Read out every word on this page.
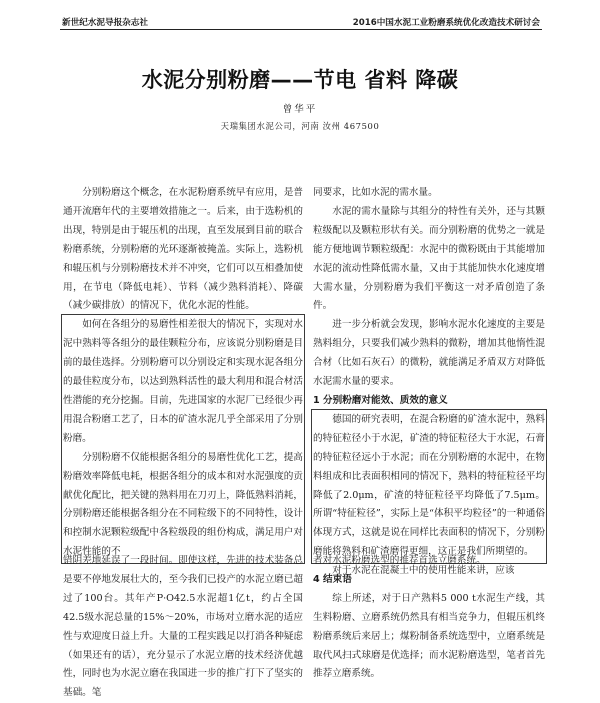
新世纪水泥导报杂志社	2016中国水泥工业粉磨系统优化改造技术研讨会
水泥分别粉磨——节电 省料 降碳
曾华平
天瑞集团水泥公司，河南 汝州 467500

分别粉磨这个概念，在水泥粉磨系统早有应用，是普通开流磨年代的主要增效措施之一。后来，由于选粉机的出现，特别是由于辊压机的出现，直至发展到目前的联合粉磨系统，分别粉磨的光环逐渐被掩盖。实际上，选粉机和辊压机与分别粉磨技术并不冲突，它们可以互相叠加使用，在节电（降低电耗）、节料（减少熟料消耗）、降碳（减少碳排放）的情况下，优化水泥的性能。

如何在各组分的易磨性相差很大的情况下，实现对水泥中熟料等各组分的最佳颗粒分布，应该说分别粉磨是目前的最佳选择。分别粉磨可以分别设定和实现水泥各组分的最佳粒度分布，以达到熟料活性的最大利用和混合材活性潜能的充分挖掘。目前，先进国家的水泥厂已经很少再用混合粉磨工艺了，日本的矿渣水泥几乎全部采用了分别粉磨。

分别粉磨不仅能根据各组分的易磨性优化工艺，提高粉磨效率降低电耗，根据各组分的成本和对水泥强度的贡献优化配比，把关键的熟料用在刀刃上，降低熟料消耗，分别粉磨还能根据各组分在不同粒级下的不同特性，设计和控制水泥颗粒级配中各粒级段的组份构成，满足用户对水泥性能的不

同要求，比如水泥的需水量。

水泥的需水量除与其组分的特性有关外，还与其颗粒级配以及颗粒形状有关。而分别粉磨的优势之一就是能方便地调节颗粒级配：水泥中的微粉既由于其能增加水泥的流动性降低需水量，又由于其能加快水化速度增大需水量，分别粉磨为我们平衡这一对矛盾创造了条件。

进一步分析就会发现，影响水泥水化速度的主要是熟料组分，只要我们减少熟料的微粉，增加其他惰性混合材（比如石灰石）的微粉，就能满足矛盾双方对降低水泥需水量的要求。

1 分别粉磨对能效、质效的意义

德国的研究表明，在混合粉磨的矿渣水泥中，熟料的特征粒径小于水泥，矿渣的特征粒径大于水泥，石膏的特征粒径远小于水泥；而在分别粉磨的水泥中，在物料组成和比表面积相同的情况下，熟料的特征粒径平均降低了2.0μm，矿渣的特征粒径平均降低了7.5μm。所谓“特征粒径”，实际上是“体积平均粒径”的一种通俗体现方式，这就是说在同样比表面积的情况下，分别粉磨能将熟料和矿渣磨得更细，这正是我们所期望的。

对于水泥在混凝土中的使用性能来讲，应该

错阴差地延误了一段时间。即使这样，先进的技术装备总是要不停地发展壮大的，至今我们已投产的水泥立磨已超过了100台。其年产P·O42.5水泥超1亿t，约占全国42.5级水泥总量的15%～20%，市场对立磨水泥的适应性与欢迎度日益上升。大量的工程实践足以打消各种疑虑（如果还有的话），充分显示了水泥立磨的技术经济优越性，同时也为水泥立磨在我国进一步的推广打下了坚实的基础。笔

者对水泥粉磨选型的推荐首选立磨系统。

4 结束语

综上所述，对于日产熟料5 000 t水泥生产线，其生料粉磨、立磨系统仍然具有相当竞争力，但辊压机终粉磨系统后来居上；煤粉制备系统选型中，立磨系统是取代风扫式球磨是优选择；而水泥粉磨选型，笔者首先推荐立磨系统。
